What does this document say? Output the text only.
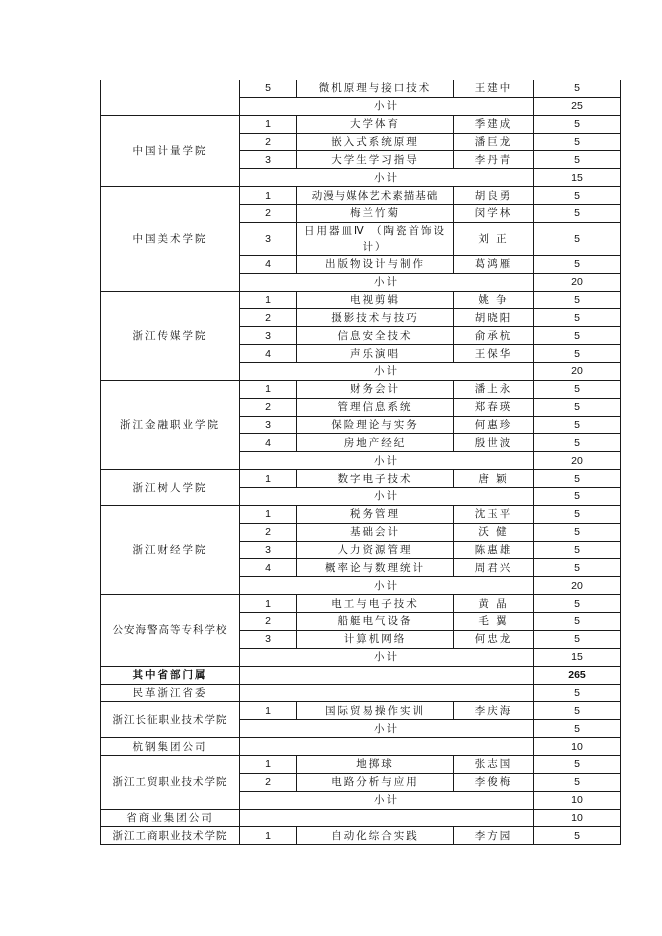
	5	微机原理与接口技术	王建中	5
	小计			25
中国计量学院	1	大学体育	季建成	5
	2	嵌入式系统原理	潘巨龙	5
	3	大学生学习指导	李丹青	5
	小计			15
中国美术学院	1	动漫与媒体艺术素描基础	胡良勇	5
	2	梅兰竹菊	闵学林	5
	3	日用器皿Ⅳ （陶瓷首饰设计）	刘 正	5
	4	出版物设计与制作	葛鸿雁	5
	小计			20
浙江传媒学院	1	电视剪辑	姚 争	5
	2	摄影技术与技巧	胡晓阳	5
	3	信息安全技术	俞承杭	5
	4	声乐演唱	王保华	5
	小计			20
浙江金融职业学院	1	财务会计	潘上永	5
	2	管理信息系统	郑春瑛	5
	3	保险理论与实务	何惠珍	5
	4	房地产经纪	殷世波	5
	小计			20
浙江树人学院	1	数字电子技术	唐 颖	5
	小计			5
浙江财经学院	1	税务管理	沈玉平	5
	2	基础会计	沃 健	5
	3	人力资源管理	陈惠雄	5
	4	概率论与数理统计	周君兴	5
	小计			20
公安海警高等专科学校	1	电工与电子技术	黄 晶	5
	2	船艇电气设备	毛 翼	5
	3	计算机网络	何忠龙	5
	小计			15
其中省部门属				265
民革浙江省委				5
浙江长征职业技术学院	1	国际贸易操作实训	李庆海	5
	小计			5
杭钢集团公司				10
浙江工贸职业技术学院	1	地掷球	张志国	5
	2	电路分析与应用	李俊梅	5
	小计			10
省商业集团公司				10
浙江工商职业技术学院	1	自动化综合实践	李方园	5
